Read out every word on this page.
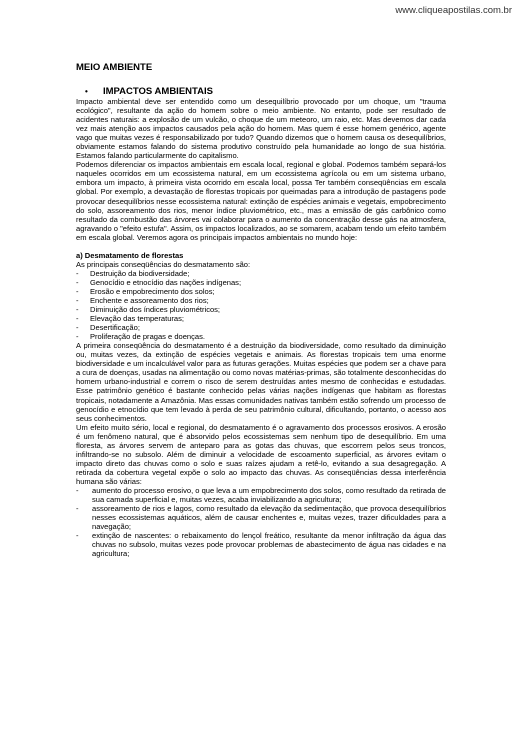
www.cliqueapostilas.com.br
MEIO AMBIENTE
•	IMPACTOS AMBIENTAIS

Impacto ambiental deve ser entendido como um desequilíbrio provocado por um choque, um "trauma ecológico", resultante da ação do homem sobre o meio ambiente. No entanto, pode ser resultado de acidentes naturais: a explosão de um vulcão, o choque de um meteoro, um raio, etc. Mas devemos dar cada vez mais atenção aos impactos causados pela ação do homem. Mas quem é esse homem genérico, agente vago que muitas vezes é responsabilizado por tudo? Quando dizemos que o homem causa os desequilíbrios, obviamente estamos falando do sistema produtivo construído pela humanidade ao longo de sua história. Estamos falando particularmente do capitalismo.

Podemos diferenciar os impactos ambientais em escala local, regional e global. Podemos também separá-los naqueles ocorridos em um ecossistema natural, em um ecossistema agrícola ou em um sistema urbano, embora um impacto, à primeira vista ocorrido em escala local, possa Ter também conseqüências em escala global. Por exemplo, a devastação de florestas tropicais por queimadas para a introdução de pastagens pode provocar desequilíbrios nesse ecossistema natural: extinção de espécies animais e vegetais, empobrecimento do solo, assoreamento dos rios, menor índice pluviométrico, etc., mas a emissão de gás carbônico como resultado da combustão das árvores vai colaborar para o aumento da concentração desse gás na atmosfera, agravando o "efeito estufa". Assim, os impactos localizados, ao se somarem, acabam tendo um efeito também em escala global. Veremos agora os principais impactos ambientais no mundo hoje:

a) Desmatamento de florestas

As principais conseqüências do desmatamento são:

-	Destruição da biodiversidade;
-	Genocídio e etnocídio das nações indígenas;
-	Erosão e empobrecimento dos solos;
-	Enchente e assoreamento dos rios;
-	Diminuição dos índices pluviométricos;
-	Elevação das temperaturas;
-	Desertificação;
-	Proliferação de pragas e doenças.

A primeira conseqüência do desmatamento é a destruição da biodiversidade, como resultado da diminuição ou, muitas vezes, da extinção de espécies vegetais e animais. As florestas tropicais tem uma enorme biodiversidade e um incalculável valor para as futuras gerações. Muitas espécies que podem ser a chave para a cura de doenças, usadas na alimentação ou como novas matérias-primas, são totalmente desconhecidas do homem urbano-industrial e correm o risco de serem destruídas antes mesmo de conhecidas e estudadas. Esse patrimônio genético é bastante conhecido pelas várias nações indígenas que habitam as florestas tropicais, notadamente a Amazônia. Mas essas comunidades nativas também estão sofrendo um processo de genocídio e etnocídio que tem levado à perda de seu patrimônio cultural, dificultando, portanto, o acesso aos seus conhecimentos.

Um efeito muito sério, local e regional, do desmatamento é o agravamento dos processos erosivos. A erosão é um fenômeno natural, que é absorvido pelos ecossistemas sem nenhum tipo de desequilíbrio. Em uma floresta, as árvores servem de anteparo para as gotas das chuvas, que escorrem pelos seus troncos, infiltrando-se no subsolo. Além de diminuir a velocidade de escoamento superficial, as árvores evitam o impacto direto das chuvas como o solo e suas raízes ajudam a retê-lo, evitando a sua desagregação. A retirada da cobertura vegetal expõe o solo ao impacto das chuvas. As conseqüências dessa interferência humana são várias:

-	aumento do processo erosivo, o que leva a um empobrecimento dos solos, como resultado da retirada de sua camada superficial e, muitas vezes, acaba inviabilizando a agricultura;
-	assoreamento de rios e lagos, como resultado da elevação da sedimentação, que provoca desequilíbrios nesses ecossistemas aquáticos, além de causar enchentes e, muitas vezes, trazer dificuldades para a navegação;
-	extinção de nascentes: o rebaixamento do lençol freático, resultante da menor infiltração da água das chuvas no subsolo, muitas vezes pode provocar problemas de abastecimento de água nas cidades e na agricultura;
